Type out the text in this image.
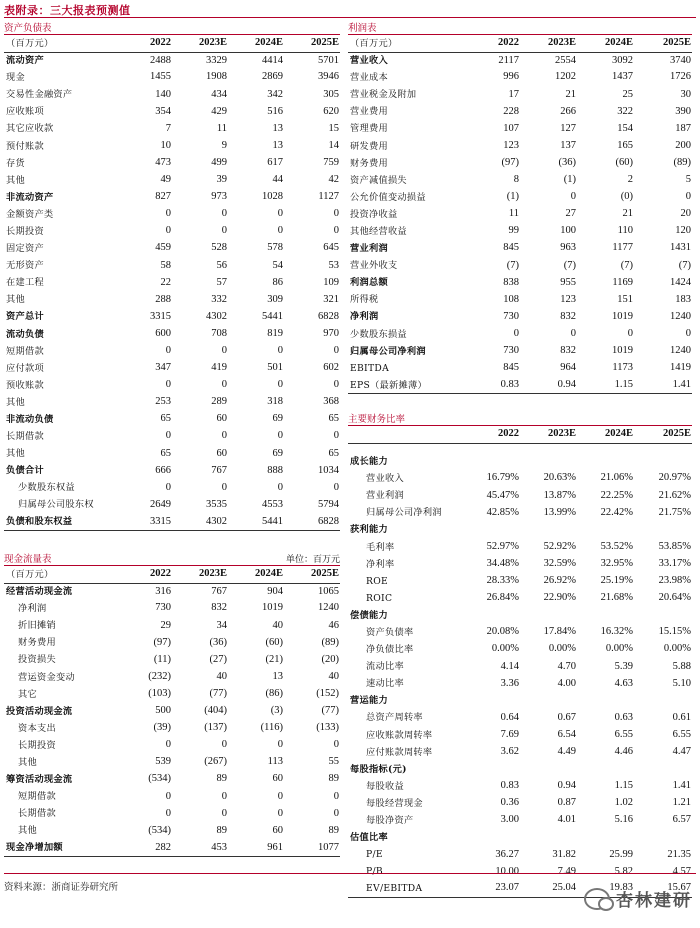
表附录：三大报表预测值
资产负债表
（百万元）	2022	2023E	2024E	2025E
流动资产	2488	3329	4414	5701
现金	1455	1908	2869	3946
交易性金融资产	140	434	342	305
应收账项	354	429	516	620
其它应收款	7	11	13	15
预付账款	10	9	13	14
存货	473	499	617	759
其他	49	39	44	42
非流动资产	827	973	1028	1127
金额资产类	0	0	0	0
长期投资	0	0	0	0
固定资产	459	528	578	645
无形资产	58	56	54	53
在建工程	22	57	86	109
其他	288	332	309	321
资产总计	3315	4302	5441	6828
流动负债	600	708	819	970
短期借款	0	0	0	0
应付款项	347	419	501	602
预收账款	0	0	0	0
其他	253	289	318	368
非流动负债	65	60	69	65
长期借款	0	0	0	0
其他	65	60	69	65
负债合计	666	767	888	1034
少数股东权益	0	0	0	0
归属母公司股东权	2649	3535	4553	5794
负债和股东权益	3315	4302	5441	6828
现金流量表	单位：百万元
（百万元）	2022	2023E	2024E	2025E
经营活动现金流	316	767	904	1065
净利润	730	832	1019	1240
折旧摊销	29	34	40	46
财务费用	(97)	(36)	(60)	(89)
投资损失	(11)	(27)	(21)	(20)
营运资金变动	(232)	40	13	40
其它	(103)	(77)	(86)	(152)
投资活动现金流	500	(404)	(3)	(77)
资本支出	(39)	(137)	(116)	(133)
长期投资	0	0	0	0
其他	539	(267)	113	55
筹资活动现金流	(534)	89	60	89
短期借款	0	0	0	0
长期借款	0	0	0	0
其他	(534)	89	60	89
现金净增加额	282	453	961	1077
利润表
（百万元）	2022	2023E	2024E	2025E
营业收入	2117	2554	3092	3740
营业成本	996	1202	1437	1726
营业税金及附加	17	21	25	30
营业费用	228	266	322	390
管理费用	107	127	154	187
研发费用	123	137	165	200
财务费用	(97)	(36)	(60)	(89)
资产减值损失	8	(1)	2	5
公允价值变动损益	(1)	0	(0)	0
投资净收益	11	27	21	20
其他经营收益	99	100	110	120
营业利润	845	963	1177	1431
营业外收支	(7)	(7)	(7)	(7)
利润总额	838	955	1169	1424
所得税	108	123	151	183
净利润	730	832	1019	1240
少数股东损益	0	0	0	0
归属母公司净利润	730	832	1019	1240
EBITDA	845	964	1173	1419
EPS（最新摊薄）	0.83	0.94	1.15	1.41
主要财务比率
	2022	2023E	2024E	2025E

成长能力				
营业收入	16.79%	20.63%	21.06%	20.97%
营业利润	45.47%	13.87%	22.25%	21.62%
归属母公司净利润	42.85%	13.99%	22.42%	21.75%
获利能力				
毛利率	52.97%	52.92%	53.52%	53.85%
净利率	34.48%	32.59%	32.95%	33.17%
ROE	28.33%	26.92%	25.19%	23.98%
ROIC	26.84%	22.90%	21.68%	20.64%
偿债能力				
资产负债率	20.08%	17.84%	16.32%	15.15%
净负债比率	0.00%	0.00%	0.00%	0.00%
流动比率	4.14	4.70	5.39	5.88
速动比率	3.36	4.00	4.63	5.10
营运能力				
总资产周转率	0.64	0.67	0.63	0.61
应收账款周转率	7.69	6.54	6.55	6.55
应付账款周转率	3.62	4.49	4.46	4.47
每股指标(元)				
每股收益	0.83	0.94	1.15	1.41
每股经营现金	0.36	0.87	1.02	1.21
每股净资产	3.00	4.01	5.16	6.57
估值比率				
P/E	36.27	31.82	25.99	21.35
P/B	10.00	7.49	5.82	4.57
EV/EBITDA	23.07	25.04	19.83	15.67
资料来源：浙商证券研究所
杏林建研
